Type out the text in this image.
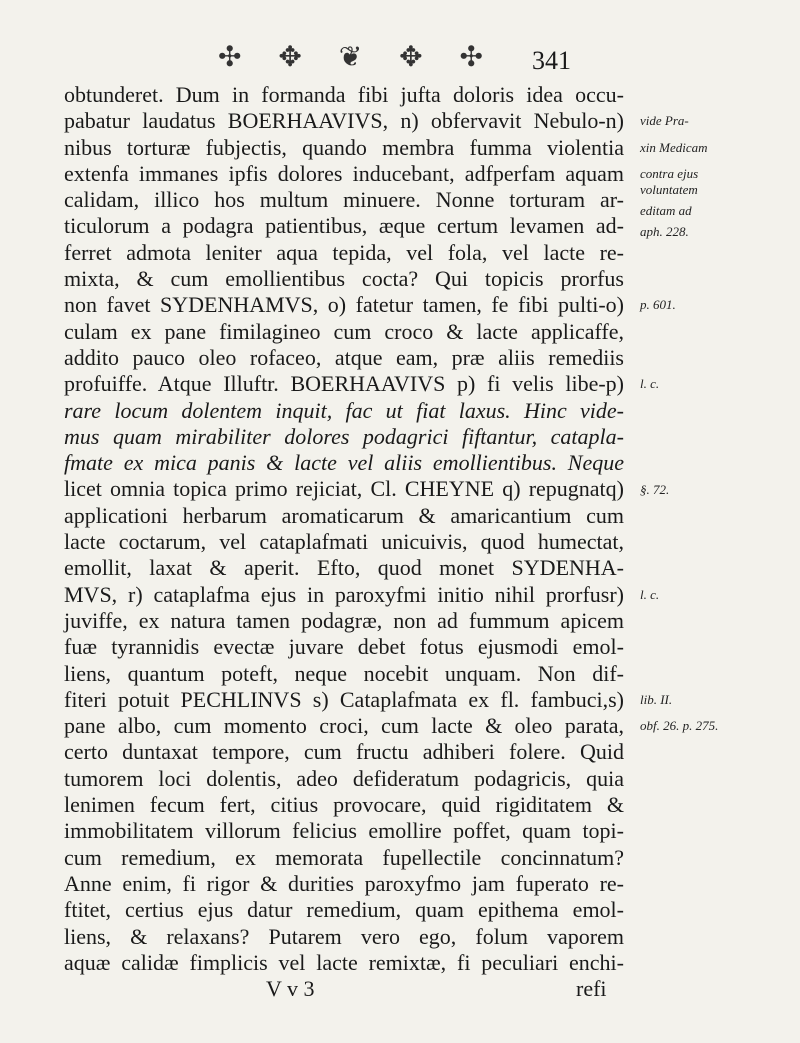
✣ ✥ ❦ ✥ ✣ 341
obtunderet. Dum in formanda fibi jufta doloris idea occu-
pabatur laudatus BOERHAAVIVS, n) obfervavit Nebulo-n)
nibus torturæ fubjectis, quando membra fumma violentia
extenfa immanes ipfis dolores inducebant, adfperfam aquam
calidam, illico hos multum minuere. Nonne torturam ar-
ticulorum a podagra patientibus, æque certum levamen ad-
ferret admota leniter aqua tepida, vel fola, vel lacte re-
mixta, & cum emollientibus cocta? Qui topicis prorfus
non favet SYDENHAMVS, o) fatetur tamen, fe fibi pulti-o)
culam ex pane fimilagineo cum croco & lacte applicaffe,
addito pauco oleo rofaceo, atque eam, præ aliis remediis
profuiffe. Atque Illuftr. BOERHAAVIVS p) fi velis libe-p)
rare locum dolentem inquit, fac ut fiat laxus. Hinc vide-
mus quam mirabiliter dolores podagrici fiftantur, catapla-
fmate ex mica panis & lacte vel aliis emollientibus. Neque
licet omnia topica primo rejiciat, Cl. CHEYNE q) repugnatq)
applicationi herbarum aromaticarum & amaricantium cum
lacte coctarum, vel cataplafmati unicuivis, quod humectat,
emollit, laxat & aperit. Efto, quod monet SYDENHA-
MVS, r) cataplafma ejus in paroxyfmi initio nihil prorfusr)
juviffe, ex natura tamen podagræ, non ad fummum apicem
fuæ tyrannidis evectæ juvare debet fotus ejusmodi emol-
liens, quantum poteft, neque nocebit unquam. Non dif-
fiteri potuit PECHLINVS s) Cataplafmata ex fl. fambuci,s)
pane albo, cum momento croci, cum lacte & oleo parata,
certo duntaxat tempore, cum fructu adhiberi folere. Quid
tumorem loci dolentis, adeo defideratum podagricis, quia
lenimen fecum fert, citius provocare, quid rigiditatem &
immobilitatem villorum felicius emollire poffet, quam topi-
cum remedium, ex memorata fupellectile concinnatum?
Anne enim, fi rigor & durities paroxyfmo jam fuperato re-
ftitet, certius ejus datur remedium, quam epithema emol-
liens, & relaxans? Putarem vero ego, folum vaporem
aquæ calidæ fimplicis vel lacte remixtæ, fi peculiari enchi-
V v 3	refi
vide Pra-
xin Medicam
contra ejus
voluntatem
editam ad
aph. 228.
p. 601.
l. c.
§. 72.
l. c.
lib. II.
obf. 26. p. 275.
